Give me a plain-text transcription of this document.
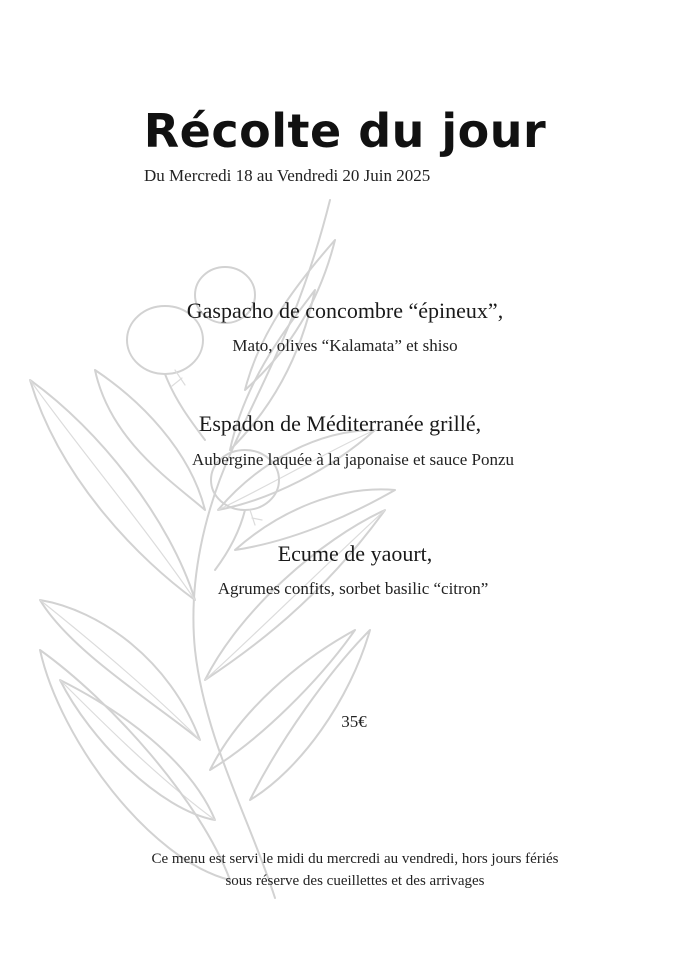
Récolte du jour
Du Mercredi 18 au Vendredi 20 Juin 2025
Gaspacho de concombre “épineux”,
Mato, olives “Kalamata” et shiso
Espadon de Méditerranée grillé,
Aubergine laquée à la japonaise et sauce Ponzu
Ecume de yaourt,
Agrumes confits, sorbet basilic “citron”
35€
Ce menu est servi le midi du mercredi au vendredi, hors jours fériés
sous réserve des cueillettes et des arrivages
